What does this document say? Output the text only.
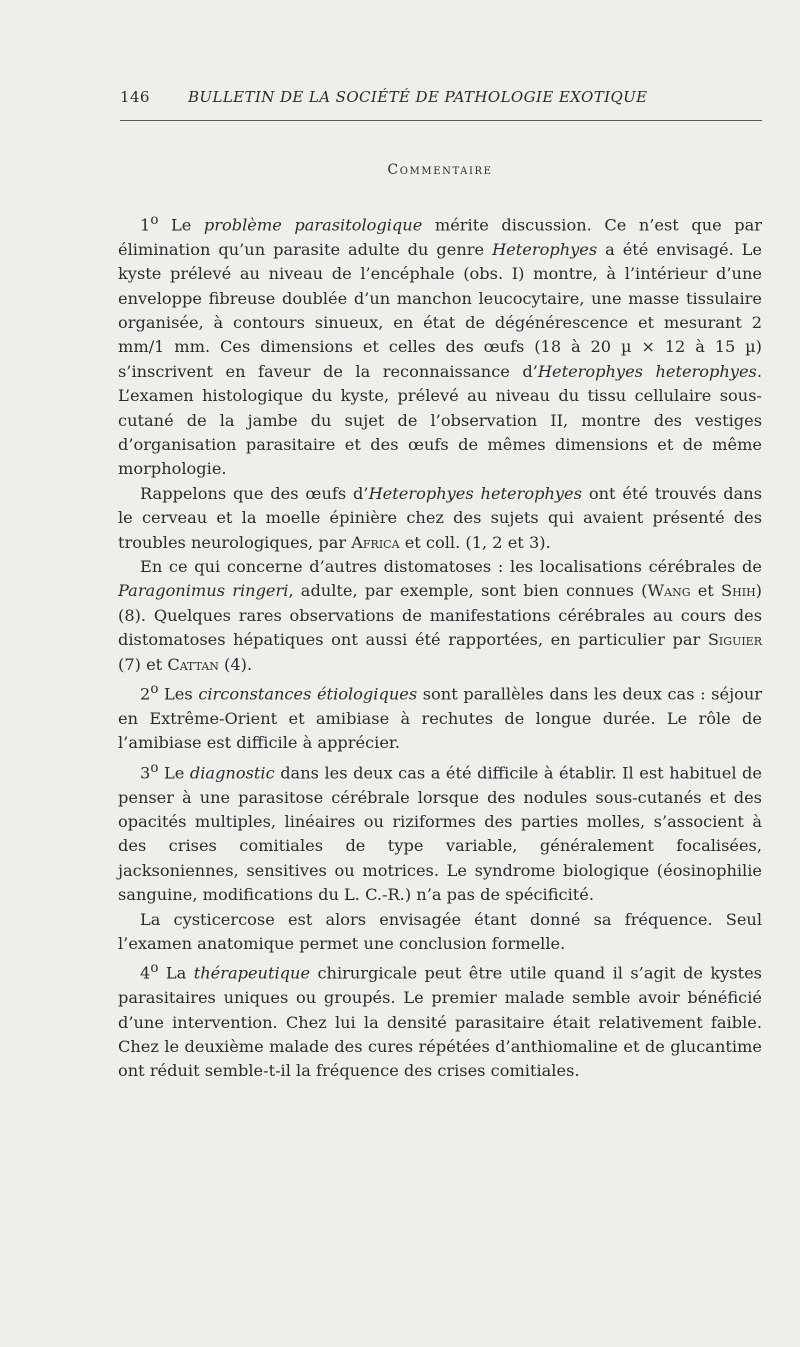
146	BULLETIN DE LA SOCIÉTÉ DE PATHOLOGIE EXOTIQUE
Commentaire

1$^o$ Le problème parasitologique mérite discussion. Ce n’est que par élimination qu’un parasite adulte du genre Heterophyes a été envisagé. Le kyste prélevé au niveau de l’encéphale (obs. I) montre, à l’intérieur d’une enveloppe fibreuse doublée d’un manchon leucocytaire, une masse tissulaire organisée, à contours sinueux, en état de dégénérescence et mesurant 2 mm/1 mm. Ces dimensions et celles des œufs (18 à 20 µ × 12 à 15 µ) s’inscrivent en faveur de la reconnaissance d’Heterophyes heterophyes. L’examen histologique du kyste, prélevé au niveau du tissu cellulaire sous-cutané de la jambe du sujet de l’observation II, montre des vestiges d’organisation parasitaire et des œufs de mêmes dimensions et de même morphologie.

Rappelons que des œufs d’Heterophyes heterophyes ont été trouvés dans le cerveau et la moelle épinière chez des sujets qui avaient présenté des troubles neurologiques, par Africa et coll. (1, 2 et 3).

En ce qui concerne d’autres distomatoses : les localisations cérébrales de Paragonimus ringeri, adulte, par exemple, sont bien connues (Wang et Shih) (8). Quelques rares observations de manifestations cérébrales au cours des distomatoses hépatiques ont aussi été rapportées, en particulier par Siguier (7) et Cattan (4).

2$^o$ Les circonstances étiologiques sont parallèles dans les deux cas : séjour en Extrême-Orient et amibiase à rechutes de longue durée. Le rôle de l’amibiase est difficile à apprécier.

3$^o$ Le diagnostic dans les deux cas a été difficile à établir. Il est habituel de penser à une parasitose cérébrale lorsque des nodules sous-cutanés et des opacités multiples, linéaires ou riziformes des parties molles, s’associent à des crises comitiales de type variable, généralement focalisées, jacksoniennes, sensitives ou motrices. Le syndrome biologique (éosinophilie sanguine, modifications du L. C.-R.) n’a pas de spécificité.

La cysticercose est alors envisagée étant donné sa fréquence. Seul l’examen anatomique permet une conclusion formelle.

4$^o$ La thérapeutique chirurgicale peut être utile quand il s’agit de kystes parasitaires uniques ou groupés. Le premier malade semble avoir bénéficié d’une intervention. Chez lui la densité parasitaire était relativement faible. Chez le deuxième malade des cures répétées d’anthiomaline et de glucantime ont réduit semble-t-il la fréquence des crises comitiales.
